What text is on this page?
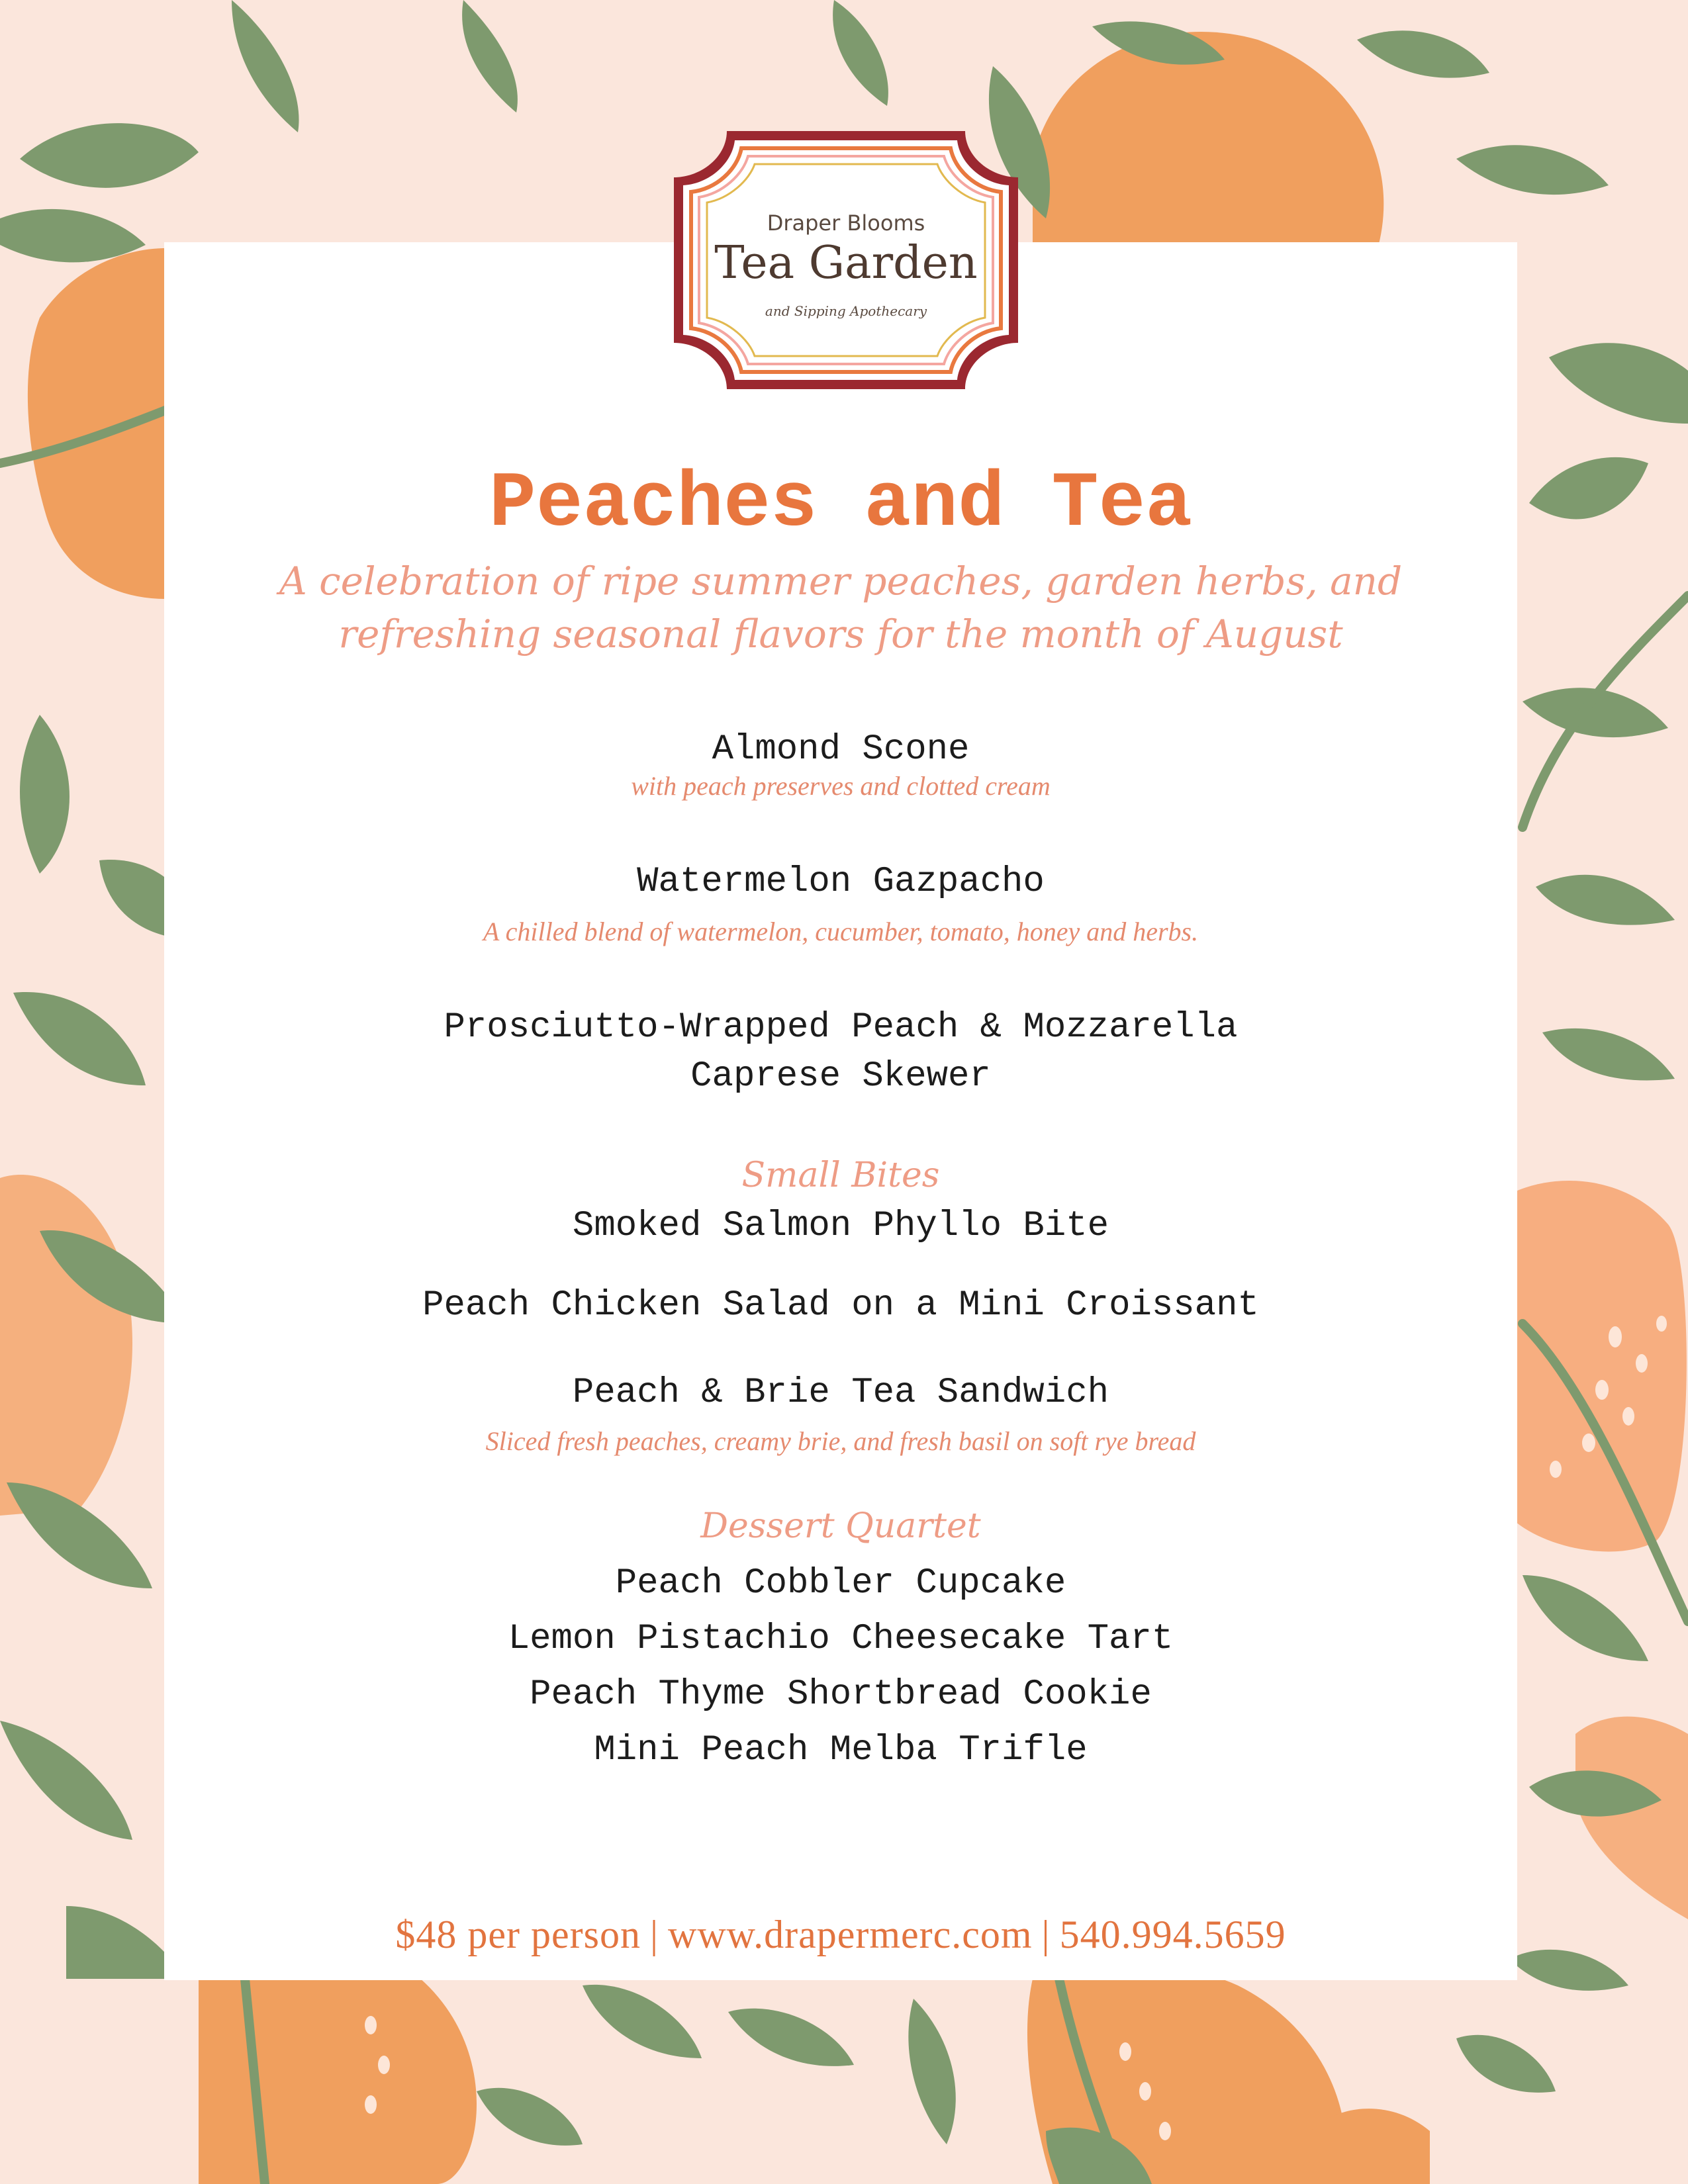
Peaches and Tea
A celebration of ripe summer peaches, garden herbs, and
refreshing seasonal flavors for the month of August
Almond Scone
with peach preserves and clotted cream
Watermelon Gazpacho
A chilled blend of watermelon, cucumber, tomato, honey and herbs.
Prosciutto-Wrapped Peach & Mozzarella
Caprese Skewer
Small Bites
Smoked Salmon Phyllo Bite
Peach Chicken Salad on a Mini Croissant
Peach & Brie Tea Sandwich
Sliced fresh peaches, creamy brie, and fresh basil on soft rye bread
Dessert Quartet
Peach Cobbler Cupcake
Lemon Pistachio Cheesecake Tart
Peach Thyme Shortbread Cookie
Mini Peach Melba Trifle
$48 per person | www.drapermerc.com | 540.994.5659
Draper Blooms
Tea Garden
and Sipping Apothecary
